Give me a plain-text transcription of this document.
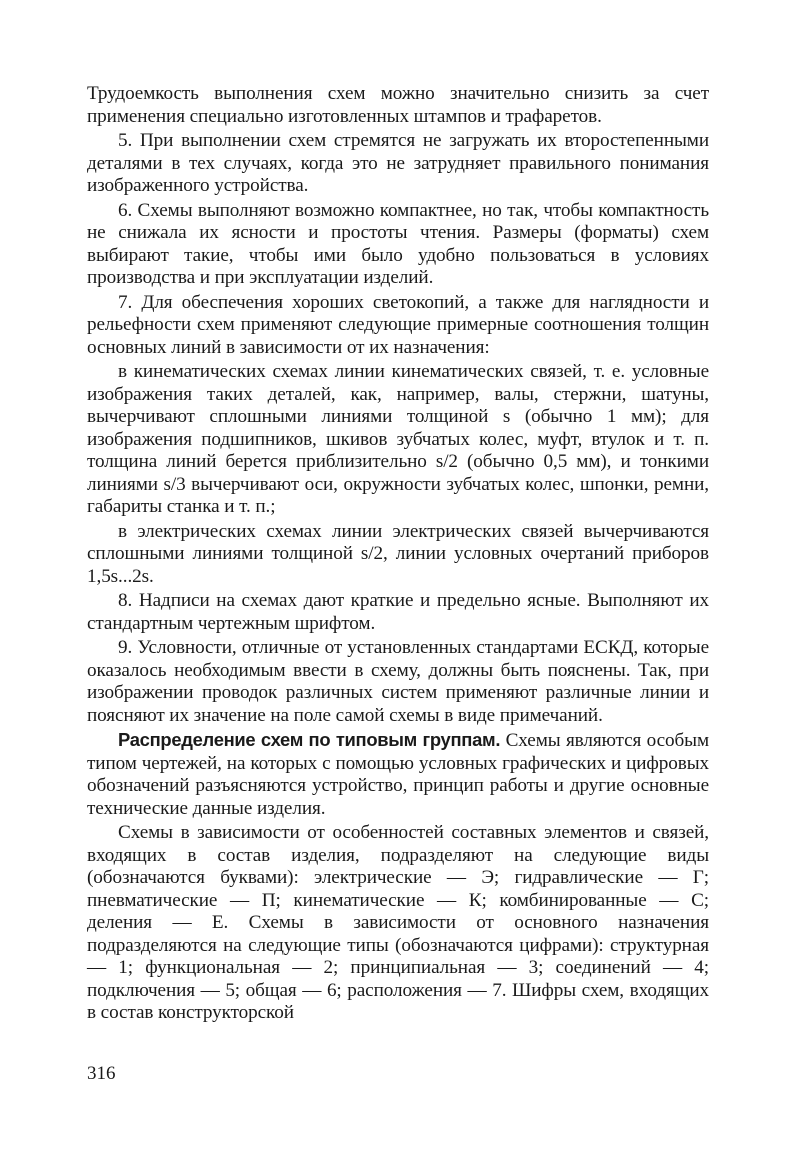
Трудоемкость выполнения схем можно значительно снизить за счет применения специально изготовленных штампов и трафаретов.

5. При выполнении схем стремятся не загружать их второстепенными деталями в тех случаях, когда это не затрудняет правильного понимания изображенного устройства.

6. Схемы выполняют возможно компактнее, но так, чтобы компактность не снижала их ясности и простоты чтения. Размеры (форматы) схем выбирают такие, чтобы ими было удобно пользоваться в условиях производства и при эксплуатации изделий.

7. Для обеспечения хороших светокопий, а также для наглядности и рельефности схем применяют следующие примерные соотношения толщин основных линий в зависимости от их назначения:

в кинематических схемах линии кинематических связей, т. е. условные изображения таких деталей, как, например, валы, стержни, шатуны, вычерчивают сплошными линиями толщиной s (обычно 1 мм); для изображения подшипников, шкивов зубчатых колес, муфт, втулок и т. п. толщина линий берется приблизительно s/2 (обычно 0,5 мм), и тонкими линиями s/3 вычерчивают оси, окружности зубчатых колес, шпонки, ремни, габариты станка и т. п.;

в электрических схемах линии электрических связей вычерчиваются сплошными линиями толщиной s/2, линии условных очертаний приборов 1,5s...2s.

8. Надписи на схемах дают краткие и предельно ясные. Выполняют их стандартным чертежным шрифтом.

9. Условности, отличные от установленных стандартами ЕСКД, которые оказалось необходимым ввести в схему, должны быть пояснены. Так, при изображении проводок различных систем применяют различные линии и поясняют их значение на поле самой схемы в виде примечаний.

Распределение схем по типовым группам. Схемы являются особым типом чертежей, на которых с помощью условных графических и цифровых обозначений разъясняются устройство, принцип работы и другие основные технические данные изделия.

Схемы в зависимости от особенностей составных элементов и связей, входящих в состав изделия, подразделяют на следующие виды (обозначаются буквами): электрические — Э; гидравлические — Г; пневматические — П; кинематические — К; комбинированные — С; деления — Е. Схемы в зависимости от основного назначения подразделяются на следующие типы (обозначаются цифрами): структурная — 1; функциональная — 2; принципиальная — 3; соединений — 4; подключения — 5; общая — 6; расположения — 7. Шифры схем, входящих в состав конструкторской

316
